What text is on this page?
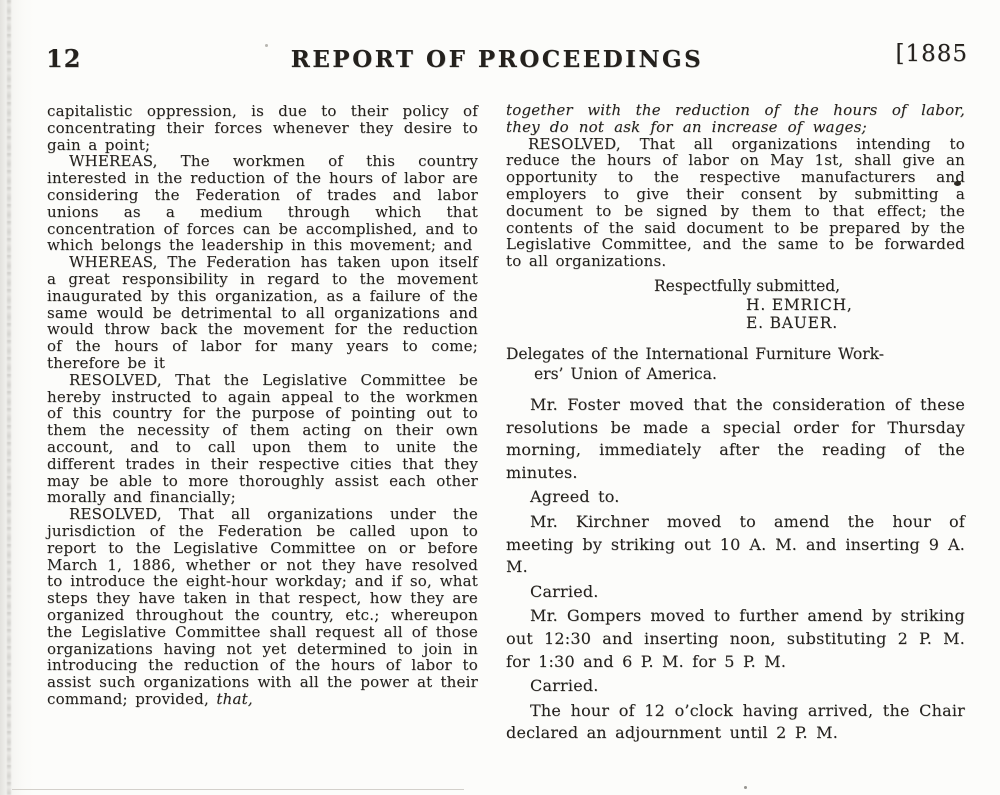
12	REPORT OF PROCEEDINGS	[1885

capitalistic oppression, is due to their policy of concentrating their forces whenever they desire to gain a point;

WHEREAS, The workmen of this country interested in the reduction of the hours of labor are considering the Federation of trades and labor unions as a medium through which that concentration of forces can be accomplished, and to which belongs the leadership in this movement; and

WHEREAS, The Federation has taken upon itself a great responsibility in regard to the movement inaugurated by this organization, as a failure of the same would be detrimental to all organizations and would throw back the movement for the reduction of the hours of labor for many years to come; therefore be it

RESOLVED, That the Legislative Committee be hereby instructed to again appeal to the workmen of this country for the purpose of pointing out to them the necessity of them acting on their own account, and to call upon them to unite the different trades in their respective cities that they may be able to more thoroughly assist each other morally and financially;

RESOLVED, That all organizations under the jurisdiction of the Federation be called upon to report to the Legislative Committee on or before March 1, 1886, whether or not they have resolved to introduce the eight-hour workday; and if so, what steps they have taken in that respect, how they are organized throughout the country, etc.; whereupon the Legislative Committee shall request all of those organizations having not yet determined to join in introducing the reduction of the hours of labor to assist such organizations with all the power at their command; provided, that,

together with the reduction of the hours of labor, they do not ask for an increase of wages;

RESOLVED, That all organizations intending to reduce the hours of labor on May 1st, shall give an opportunity to the respective manufacturers and employers to give their consent by submitting a document to be signed by them to that effect; the contents of the said document to be prepared by the Legislative Committee, and the same to be forwarded to all organizations.

Respectfully submitted,
H. EMRICH,
E. BAUER.
Delegates of the International Furniture Work-
ers’ Union of America.

Mr. Foster moved that the consideration of these resolutions be made a special order for Thursday morning, immediately after the reading of the minutes.

Agreed to.

Mr. Kirchner moved to amend the hour of meeting by striking out 10 A. M. and inserting 9 A. M.

Carried.

Mr. Gompers moved to further amend by striking out 12:30 and inserting noon, substituting 2 P. M. for 1:30 and 6 P. M. for 5 P. M.

Carried.

The hour of 12 o’clock having arrived, the Chair declared an adjournment until 2 P. M.
